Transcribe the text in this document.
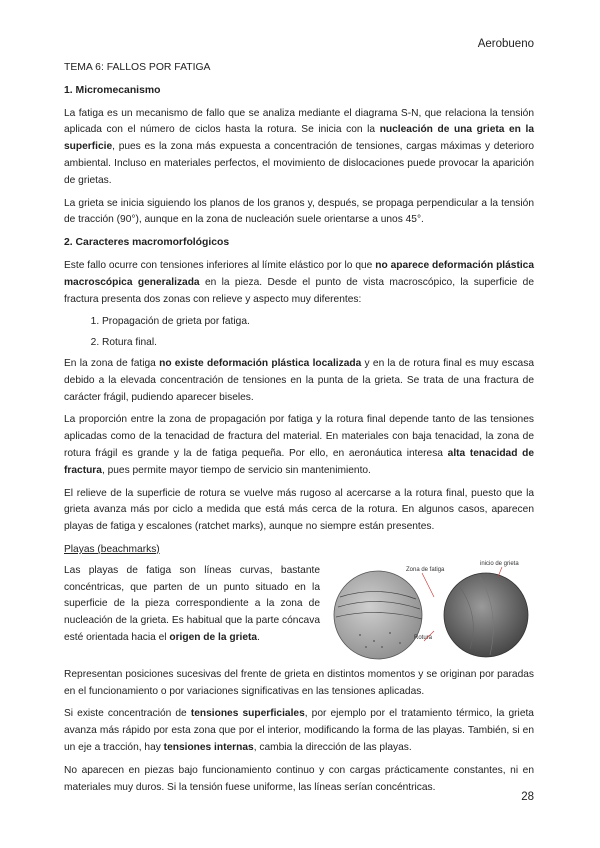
Aerobueno
TEMA 6: FALLOS POR FATIGA
1. Micromecanismo

La fatiga es un mecanismo de fallo que se analiza mediante el diagrama S-N, que relaciona la tensión aplicada con el número de ciclos hasta la rotura. Se inicia con la nucleación de una grieta en la superficie, pues es la zona más expuesta a concentración de tensiones, cargas máximas y deterioro ambiental. Incluso en materiales perfectos, el movimiento de dislocaciones puede provocar la aparición de grietas.

La grieta se inicia siguiendo los planos de los granos y, después, se propaga perpendicular a la tensión de tracción (90°), aunque en la zona de nucleación suele orientarse a unos 45°.

2. Caracteres macromorfológicos

Este fallo ocurre con tensiones inferiores al límite elástico por lo que no aparece deformación plástica macroscópica generalizada en la pieza. Desde el punto de vista macroscópico, la superficie de fractura presenta dos zonas con relieve y aspecto muy diferentes:

1. Propagación de grieta por fatiga.
2. Rotura final.

En la zona de fatiga no existe deformación plástica localizada y en la de rotura final es muy escasa debido a la elevada concentración de tensiones en la punta de la grieta. Se trata de una fractura de carácter frágil, pudiendo aparecer biseles.

La proporción entre la zona de propagación por fatiga y la rotura final depende tanto de las tensiones aplicadas como de la tenacidad de fractura del material. En materiales con baja tenacidad, la zona de rotura frágil es grande y la de fatiga pequeña. Por ello, en aeronáutica interesa alta tenacidad de fractura, pues permite mayor tiempo de servicio sin mantenimiento.

El relieve de la superficie de rotura se vuelve más rugoso al acercarse a la rotura final, puesto que la grieta avanza más por ciclo a medida que está más cerca de la rotura. En algunos casos, aparecen playas de fatiga y escalones (ratchet marks), aunque no siempre están presentes.

Playas (beachmarks)

Las playas de fatiga son líneas curvas, bastante concéntricas, que parten de un punto situado en la superficie de la pieza correspondiente a la zona de nucleación de la grieta. Es habitual que la parte cóncava esté orientada hacia el origen de la grieta.

Zona de fatiga
inicio de grieta
Rotura

Representan posiciones sucesivas del frente de grieta en distintos momentos y se originan por paradas en el funcionamiento o por variaciones significativas en las tensiones aplicadas.

Si existe concentración de tensiones superficiales, por ejemplo por el tratamiento térmico, la grieta avanza más rápido por esta zona que por el interior, modificando la forma de las playas. También, si en un eje a tracción, hay tensiones internas, cambia la dirección de las playas.

No aparecen en piezas bajo funcionamiento continuo y con cargas prácticamente constantes, ni en materiales muy duros. Si la tensión fuese uniforme, las líneas serían concéntricas.

28
